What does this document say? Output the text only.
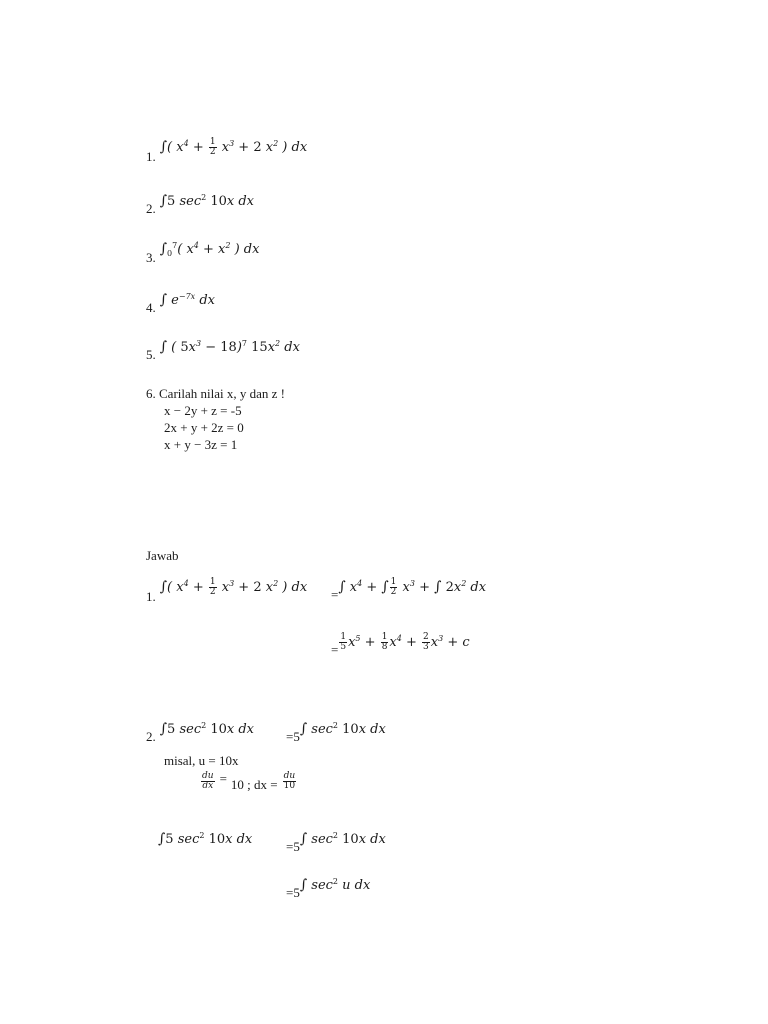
$_{1.}$ ∫( $x^4 + \frac{1}{2} x^3 + 2$ $x^2$ ) dx
$_{2.}$ ∫5 $\sec^2 10x$ dx
$_{3.}$ $\int_0^7$( $x^4 + x^2$ ) dx
$_{4.}$ ∫ $e^{-7x}$ dx
$_{5.}$ ∫ ( $5x^3 - 18)^7$ $15x^2$ dx
6. Carilah nilai x, y dan z !
x − 2y + z = -5
2x + y + 2z = 0
x + y − 3z = 1
Jawab
$_{1.}$ ∫( $x^4 + \frac{1}{2} x^3 + 2$ $x^2$ ) dx $_=$∫ $x^4$ + ∫ $\frac{1}{2} x^3$ + ∫ $2x^2$ dx
$_= \frac{1}{5} x^5 + \frac{1}{8} x^4 + \frac{2}{3} x^3 + c$
$_{2.}$ ∫5 $\sec^2 10x$ dx $_{=5}$∫ $\sec^2 10x$ dx
misal, u = 10x
$\frac{du}{dx} = _{10 ; dx =} \frac{du}{10}$
∫5 $\sec^2 10x$ dx	$_{=5}$∫ $\sec^2 10x$ dx
$_{=5}$∫ $\sec^2 u$ dx
